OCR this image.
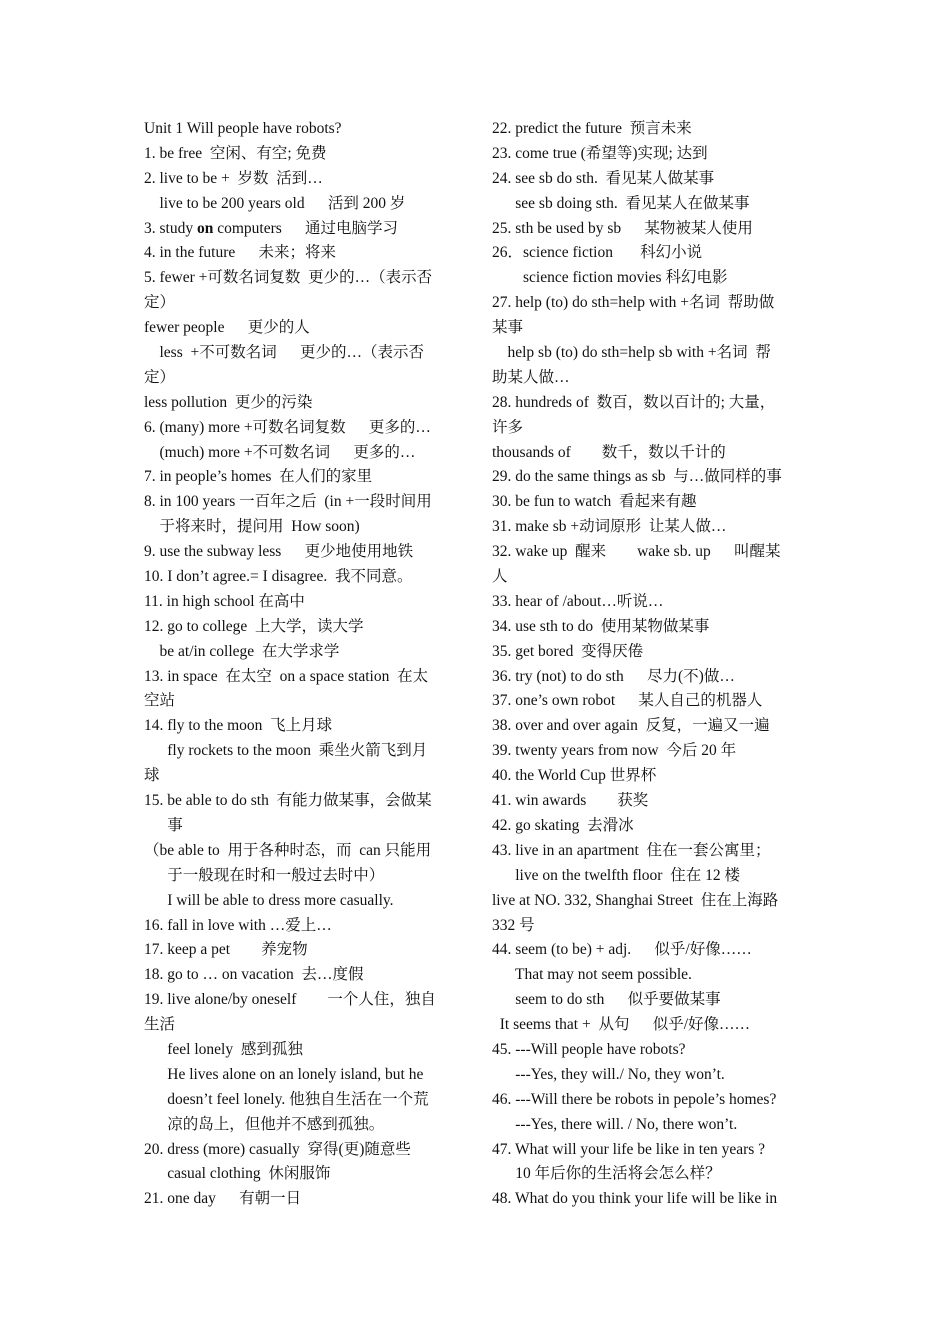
Unit 1 Will people have robots?
1. be free  空闲、有空; 免费
2. live to be +  岁数  活到…
live to be 200 years old      活到 200 岁
3. study on computers      通过电脑学习
4. in the future      未来；将来
5. fewer +可数名词复数  更少的…（表示否
定）
fewer people      更少的人
less  +不可数名词      更少的…（表示否
定）
less pollution  更少的污染
6. (many) more +可数名词复数      更多的…
(much) more +不可数名词      更多的…
7. in people’s homes  在人们的家里
8. in 100 years 一百年之后  (in +一段时间用
于将来时，提问用  How soon)
9. use the subway less      更少地使用地铁
10. I don’t agree.= I disagree.  我不同意。
11. in high school 在高中
12. go to college  上大学，读大学
be at/in college  在大学求学
13. in space  在太空  on a space station  在太
空站
14. fly to the moon  飞上月球
fly rockets to the moon  乘坐火箭飞到月
球
15. be able to do sth  有能力做某事，会做某
事
（be able to  用于各种时态，而  can 只能用
于一般现在时和一般过去时中）
I will be able to dress more casually.
16. fall in love with …爱上…
17. keep a pet        养宠物
18. go to … on vacation  去…度假
19. live alone/by oneself        一个人住，独自
生活
feel lonely  感到孤独
He lives alone on an lonely island, but he
doesn’t feel lonely. 他独自生活在一个荒
凉的岛上，但他并不感到孤独。
20. dress (more) casually  穿得(更)随意些
casual clothing  休闲服饰
21. one day      有朝一日
22. predict the future  预言未来
23. come true (希望等)实现; 达到
24. see sb do sth.  看见某人做某事
see sb doing sth.  看见某人在做某事
25. sth be used by sb      某物被某人使用
26．science fiction       科幻小说
science fiction movies 科幻电影
27. help (to) do sth=help with +名词  帮助做
某事
help sb (to) do sth=help sb with +名词  帮
助某人做…
28. hundreds of  数百，数以百计的; 大量，
许多
thousands of        数千，数以千计的
29. do the same things as sb  与…做同样的事
30. be fun to watch  看起来有趣
31. make sb +动词原形  让某人做…
32. wake up  醒来        wake sb. up      叫醒某
人
33. hear of /about…听说…
34. use sth to do  使用某物做某事
35. get bored  变得厌倦
36. try (not) to do sth      尽力(不)做…
37. one’s own robot      某人自己的机器人
38. over and over again  反复，一遍又一遍
39. twenty years from now  今后 20 年
40. the World Cup 世界杯
41. win awards        获奖
42. go skating  去滑冰
43. live in an apartment  住在一套公寓里；
live on the twelfth floor  住在 12 楼
live at NO. 332, Shanghai Street  住在上海路
332 号
44. seem (to be) + adj.      似乎/好像……
That may not seem possible.
seem to do sth      似乎要做某事
It seems that +  从句      似乎/好像……
45. ---Will people have robots?
---Yes, they will./ No, they won’t.
46. ---Will there be robots in pepole’s homes?
---Yes, there will. / No, there won’t.
47. What will your life be like in ten years ?
10 年后你的生活将会怎么样？
48. What do you think your life will be like in
